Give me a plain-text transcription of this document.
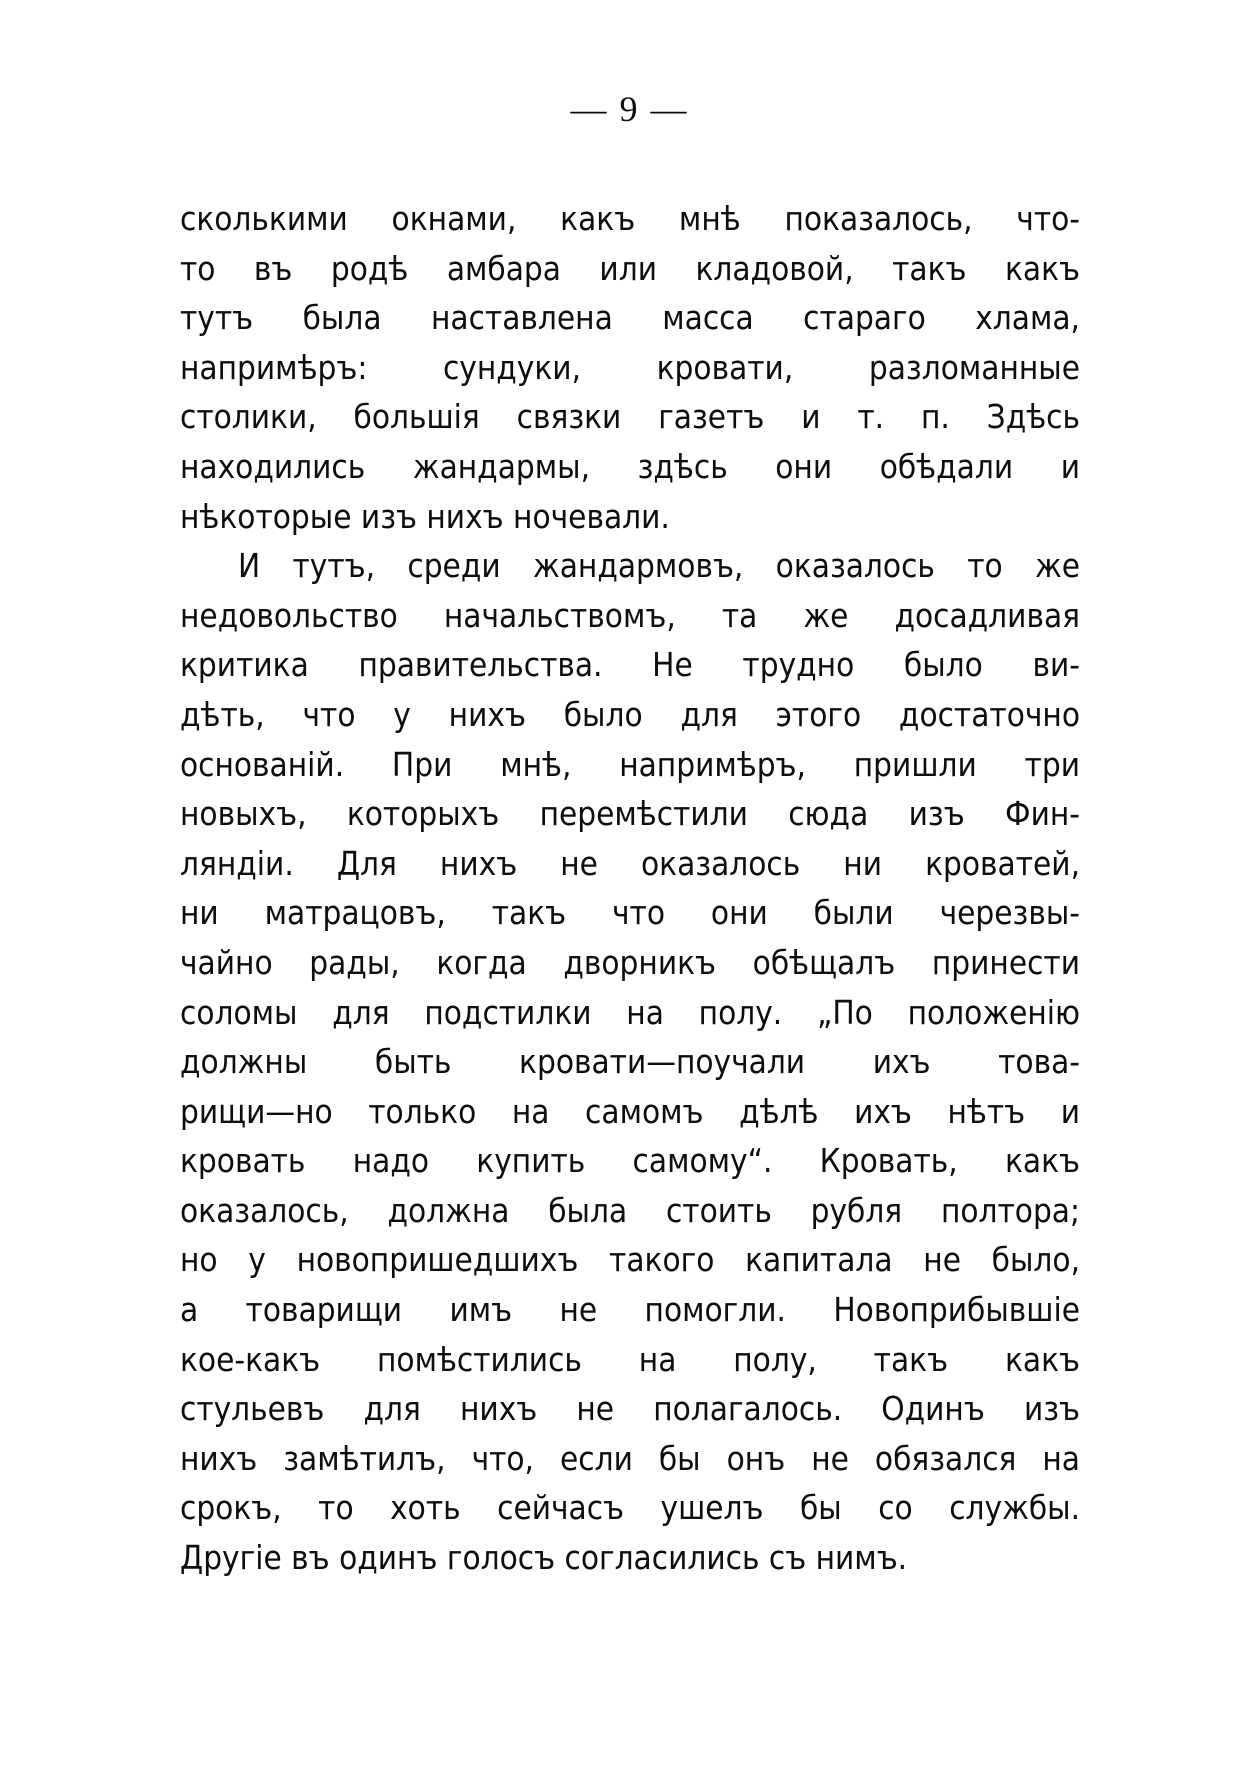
— 9 —
сколькими окнами, какъ мнѣ показалось, что-
то въ родѣ амбара или кладовой, такъ какъ
тутъ была наставлена масса стараго хлама,
напримѣръ: сундуки, кровати, разломанные
столики, большія связки газетъ и т. п. Здѣсь
находились жандармы, здѣсь они обѣдали и
нѣкоторые изъ нихъ ночевали.
И тутъ, среди жандармовъ, оказалось то же
недовольство начальствомъ, та же досадливая
критика правительства. Не трудно было ви-
дѣть, что у нихъ было для этого достаточно
основаній. При мнѣ, напримѣръ, пришли три
новыхъ, которыхъ перемѣстили сюда изъ Фин-
ляндіи. Для нихъ не оказалось ни кроватей,
ни матрацовъ, такъ что они были черезвы-
чайно рады, когда дворникъ обѣщалъ принести
соломы для подстилки на полу. „По положенію
должны быть кровати—поучали ихъ това-
рищи—но только на самомъ дѣлѣ ихъ нѣтъ и
кровать надо купить самому“. Кровать, какъ
оказалось, должна была стоить рубля полтора;
но у новопришедшихъ такого капитала не было,
а товарищи имъ не помогли. Новоприбывшіе
кое-какъ помѣстились на полу, такъ какъ
стульевъ для нихъ не полагалось. Одинъ изъ
нихъ замѣтилъ, что, если бы онъ не обязался на
срокъ, то хоть сейчасъ ушелъ бы со службы.
Другіе въ одинъ голосъ согласились съ нимъ.
